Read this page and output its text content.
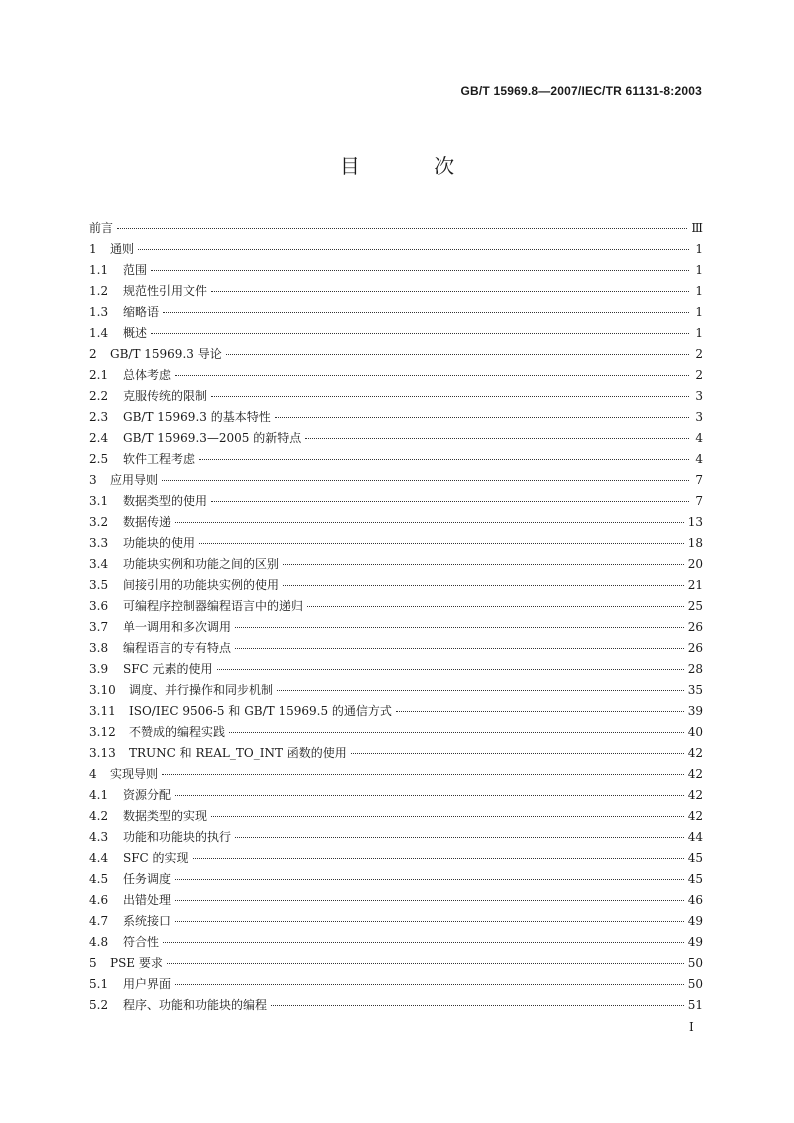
GB/T 15969.8—2007/IEC/TR 61131-8:2003
目 次
前言	Ⅲ
1	通则	1
1.1	范围	1
1.2	规范性引用文件	1
1.3	缩略语	1
1.4	概述	1
2	GB/T 15969.3 导论	2
2.1	总体考虑	2
2.2	克服传统的限制	3
2.3	GB/T 15969.3 的基本特性	3
2.4	GB/T 15969.3—2005 的新特点	4
2.5	软件工程考虑	4
3	应用导则	7
3.1	数据类型的使用	7
3.2	数据传递	13
3.3	功能块的使用	18
3.4	功能块实例和功能之间的区别	20
3.5	间接引用的功能块实例的使用	21
3.6	可编程序控制器编程语言中的递归	25
3.7	单一调用和多次调用	26
3.8	编程语言的专有特点	26
3.9	SFC 元素的使用	28
3.10	调度、并行操作和同步机制	35
3.11	ISO/IEC 9506-5 和 GB/T 15969.5 的通信方式	39
3.12	不赞成的编程实践	40
3.13	TRUNC 和 REAL_TO_INT 函数的使用	42
4	实现导则	42
4.1	资源分配	42
4.2	数据类型的实现	42
4.3	功能和功能块的执行	44
4.4	SFC 的实现	45
4.5	任务调度	45
4.6	出错处理	46
4.7	系统接口	49
4.8	符合性	49
5	PSE 要求	50
5.1	用户界面	50
5.2	程序、功能和功能块的编程	51
I
